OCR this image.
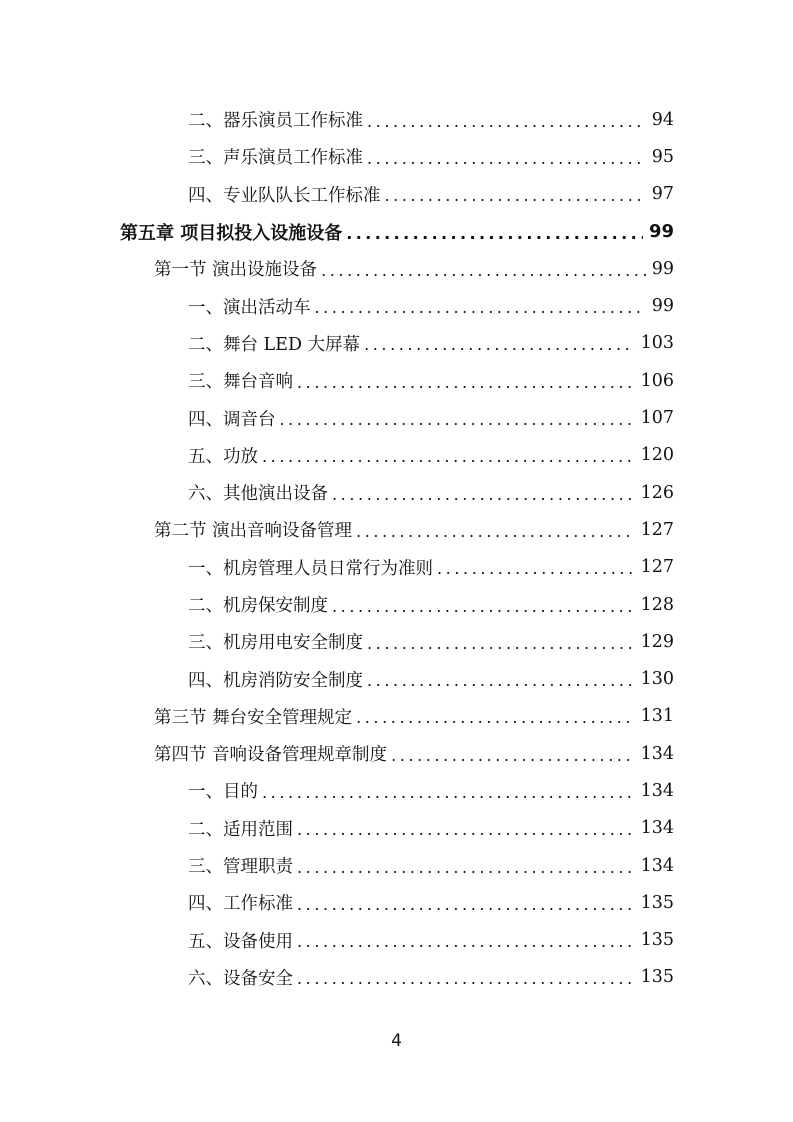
二、器乐演员工作标准 .....	94
三、声乐演员工作标准 .....	95
四、专业队队长工作标准 .....	97
第五章 项目拟投入设施设备 .....	99
第一节 演出设施设备 .....	99
一、演出活动车 .....	99
二、舞台 LED 大屏幕 .....	103
三、舞台音响 .....	106
四、调音台 .....	107
五、功放 .....	120
六、其他演出设备 .....	126
第二节 演出音响设备管理 .....	127
一、机房管理人员日常行为准则 .....	127
二、机房保安制度 .....	128
三、机房用电安全制度 .....	129
四、机房消防安全制度 .....	130
第三节 舞台安全管理规定 .....	131
第四节 音响设备管理规章制度 .....	134
一、目的 .....	134
二、适用范围 .....	134
三、管理职责 .....	134
四、工作标准 .....	135
五、设备使用 .....	135
六、设备安全 .....	135
4
